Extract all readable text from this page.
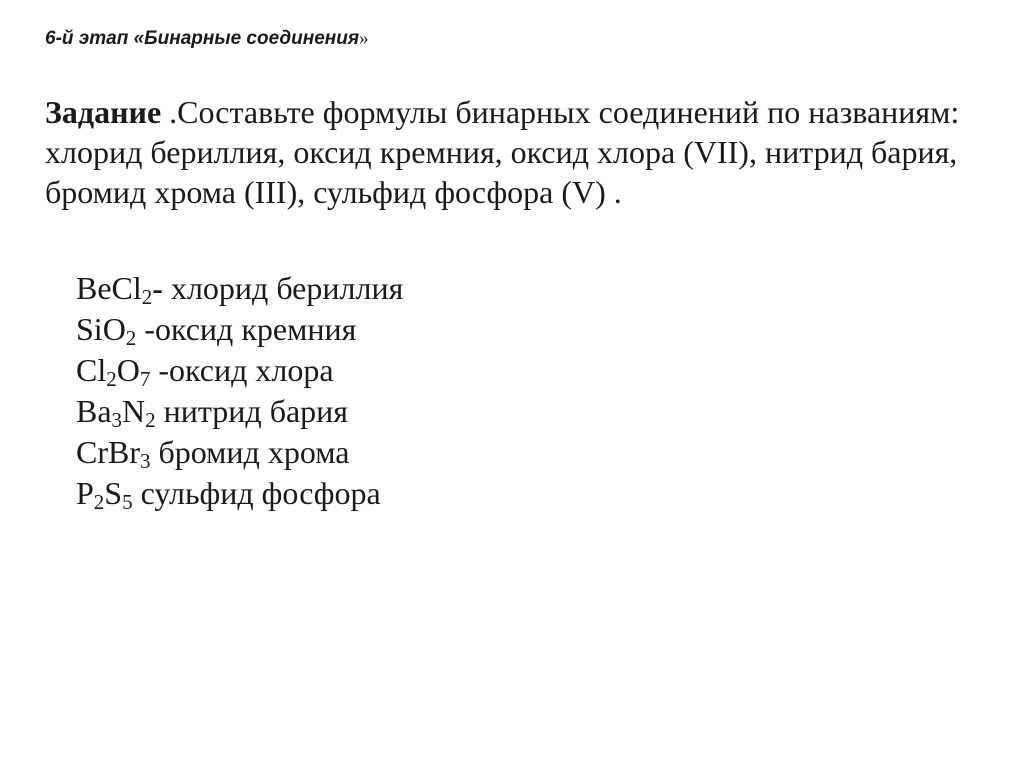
6-й этап «Бинарные соединения»
Задание .Составьте формулы бинарных соединений по названиям: хлорид бериллия, оксид кремния, оксид хлора (VII), нитрид бария, бромид хрома (III), сульфид фосфора (V) .
BeCl$_2$- хлорид бериллия
SiO$_2$ -оксид кремния
$Cl_2O_7$ -оксид хлора
$Ba_3N_2$ нитрид бария
CrBr$_3$ бромид хрома
$P_2S_5$ сульфид фосфора
